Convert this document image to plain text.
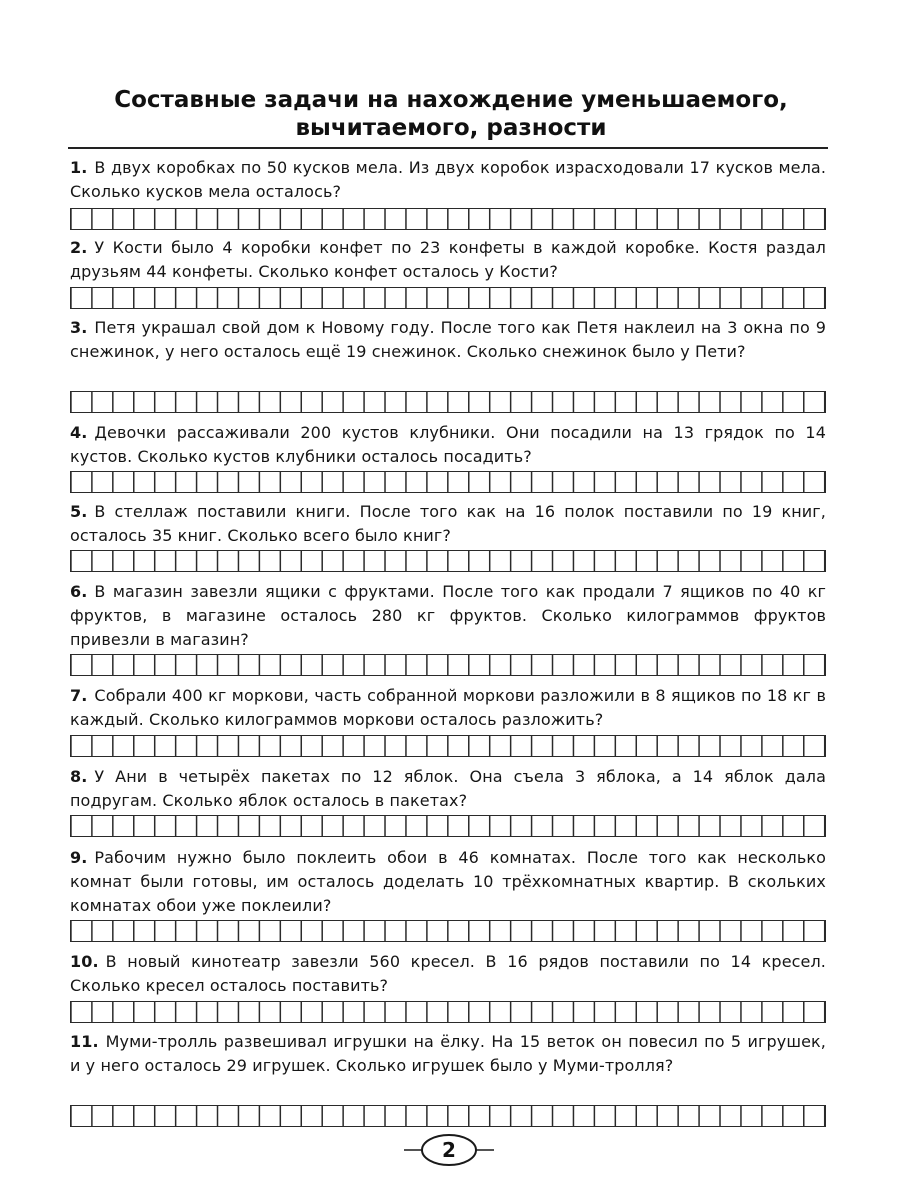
Составные задачи на нахождение уменьшаемого,
вычитаемого, разности

1. В двух коробках по 50 кусков мела. Из двух коробок израсходовали 17 кусков мела. Сколько кусков мела осталось?

2. У Кости было 4 коробки конфет по 23 конфеты в каждой коробке. Костя раздал друзьям 44 конфеты. Сколько конфет осталось у Кости?

3. Петя украшал свой дом к Новому году. После того как Петя наклеил на 3 окна по 9 снежинок, у него осталось ещё 19 снежинок. Сколько снежинок было у Пети?

4. Девочки рассаживали 200 кустов клубники. Они посадили на 13 грядок по 14 кустов. Сколько кустов клубники осталось посадить?

5. В стеллаж поставили книги. После того как на 16 полок поставили по 19 книг, осталось 35 книг. Сколько всего было книг?

6. В магазин завезли ящики с фруктами. После того как продали 7 ящиков по 40 кг фруктов, в магазине осталось 280 кг фруктов. Сколько килограммов фруктов привезли в магазин?

7. Собрали 400 кг моркови, часть собранной моркови разложили в 8 ящиков по 18 кг в каждый. Сколько килограммов моркови осталось разложить?

8. У Ани в четырёх пакетах по 12 яблок. Она съела 3 яблока, а 14 яблок дала подругам. Сколько яблок осталось в пакетах?

9. Рабочим нужно было поклеить обои в 46 комнатах. После того как несколько комнат были готовы, им осталось доделать 10 трёхкомнатных квартир. В скольких комнатах обои уже поклеили?

10. В новый кинотеатр завезли 560 кресел. В 16 рядов поставили по 14 кресел. Сколько кресел осталось поставить?

11. Муми-тролль развешивал игрушки на ёлку. На 15 веток он повесил по 5 игрушек, и у него осталось 29 игрушек. Сколько игрушек было у Муми-тролля?

2
